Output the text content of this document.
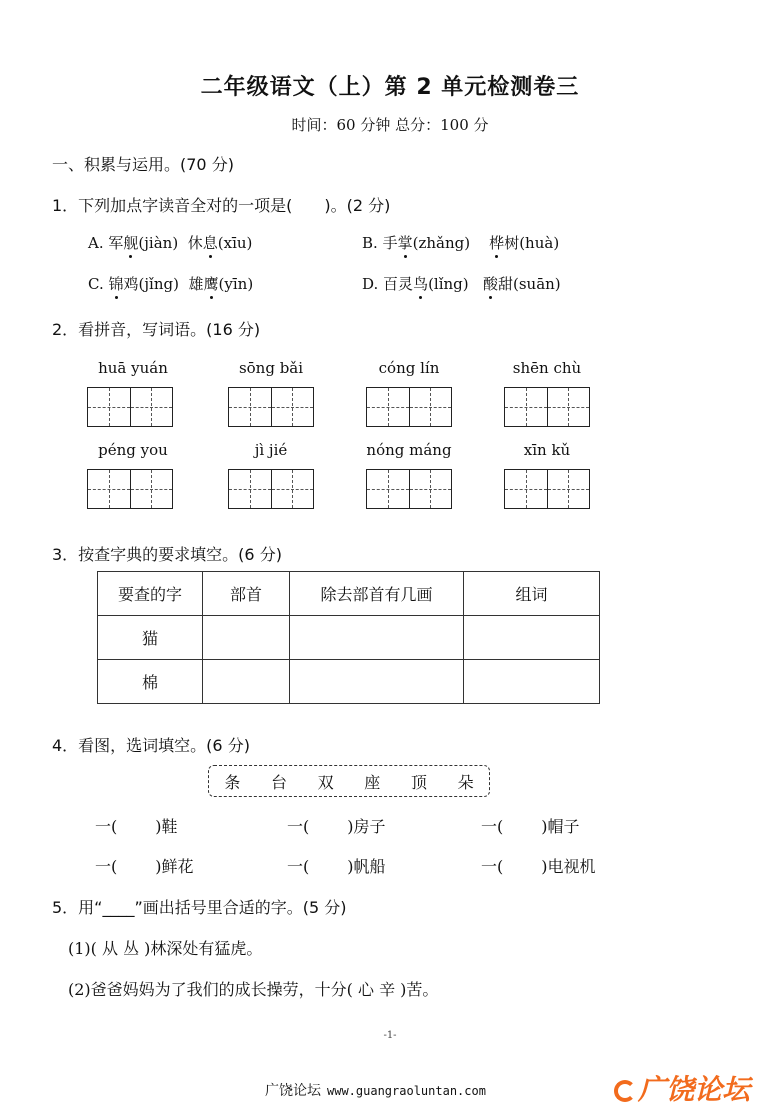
二年级语文（上）第 2 单元检测卷三
时间：60 分钟 总分：100 分
一、积累与运用。(70 分)
1．下列加点字读音全对的一项是(　　)。(2 分)
A. 军舰(jiàn) 休息(xīu)	B. 手掌(zhǎng) 桦树(huà)
C. 锦鸡(jǐng) 雄鹰(yīn)	D. 百灵鸟(lǐng) 酸甜(suān)
2．看拼音，写词语。(16 分)
huā yuán	sōng bǎi	cóng lín	shēn chù
péng you	jì jié	nóng máng	xīn kǔ
3．按查字典的要求填空。(6 分)
要查的字	部首	除去部首有几画	组词
猫			
棉			
4．看图，选词填空。(6 分)
条 台 双 座 顶 朵
一( )鞋	一( )房子	一( )帽子
一( )鲜花	一( )帆船	一( )电视机
5．用“____”画出括号里合适的字。(5 分)
(1)( 从 丛 )林深处有猛虎。
(2)爸爸妈妈为了我们的成长操劳，十分( 心 辛 )苦。
-1-
广饶论坛 www.guangraoluntan.com	广饶论坛
